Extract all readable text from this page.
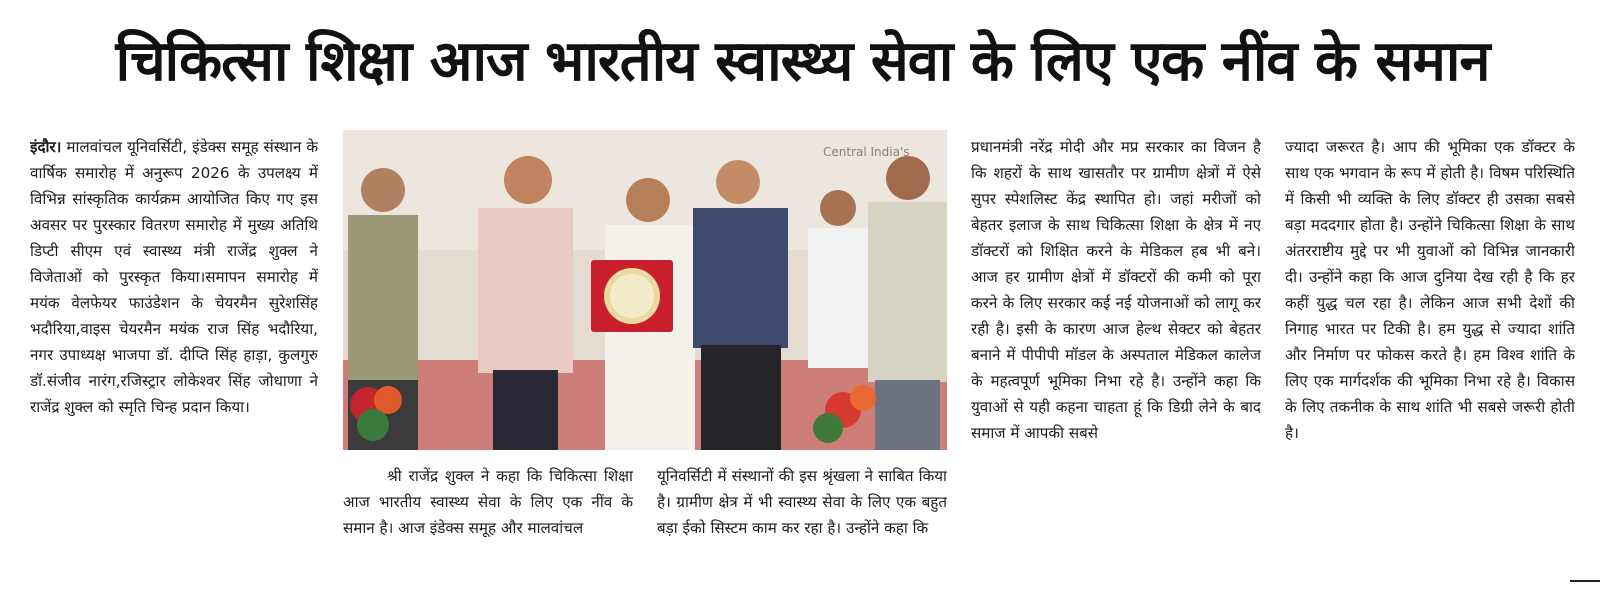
चिकित्सा शिक्षा आज भारतीय स्वास्थ्य सेवा के लिए एक नींव के समान

इंदौर। मालवांचल यूनिवर्सिटी, इंडेक्स समूह संस्थान के वार्षिक समारोह में अनुरूप 2026 के उपलक्ष्य में विभिन्न सांस्कृतिक कार्यक्रम आयोजित किए गए इस अवसर पर पुरस्कार वितरण समारोह में मुख्य अतिथि डिप्टी सीएम एवं स्वास्थ्य मंत्री राजेंद्र शुक्ल ने विजेताओं को पुरस्कृत किया।समापन समारोह में मयंक वेलफेयर फाउंडेशन के चेयरमैन सुरेशसिंह भदौरिया,वाइस चेयरमैन मयंक राज सिंह भदौरिया, नगर उपाध्यक्ष भाजपा डॉ. दीप्ति सिंह हाड़ा, कुलगुरु डॉ.संजीव नारंग,रजिस्ट्रार लोकेश्वर सिंह जोधाणा ने राजेंद्र शुक्ल को स्मृति चिन्ह प्रदान किया।

Central India's

श्री राजेंद्र शुक्ल ने कहा कि चिकित्सा शिक्षा आज भारतीय स्वास्थ्य सेवा के लिए एक नींव के समान है। आज इंडेक्स समूह और मालवांचल

यूनिवर्सिटी में संस्थानों की इस श्रृंखला ने साबित किया है। ग्रामीण क्षेत्र में भी स्वास्थ्य सेवा के लिए एक बहुत बड़ा ईको सिस्टम काम कर रहा है। उन्होंने कहा कि

प्रधानमंत्री नरेंद्र मोदी और मप्र सरकार का विजन है कि शहरों के साथ खासतौर पर ग्रामीण क्षेत्रों में ऐसे सुपर स्पेशलिस्ट केंद्र स्थापित हो। जहां मरीजों को बेहतर इलाज के साथ चिकित्सा शिक्षा के क्षेत्र में नए डॉक्टरों को शिक्षित करने के मेडिकल हब भी बने। आज हर ग्रामीण क्षेत्रों में डॉक्टरों की कमी को पूरा करने के लिए सरकार कई नई योजनाओं को लागू कर रही है। इसी के कारण आज हेल्थ सेक्टर को बेहतर बनाने में पीपीपी मॉडल के अस्पताल मेडिकल कालेज के महत्वपूर्ण भूमिका निभा रहे है। उन्होंने कहा कि युवाओं से यही कहना चाहता हूं कि डिग्री लेने के बाद समाज में आपकी सबसे

ज्यादा जरूरत है। आप की भूमिका एक डॉक्टर के साथ एक भगवान के रूप में होती है। विषम परिस्थिति में किसी भी व्यक्ति के लिए डॉक्टर ही उसका सबसे बड़ा मददगार होता है। उन्होंने चिकित्सा शिक्षा के साथ अंतरराष्टीय मुद्दे पर भी युवाओं को विभिन्न जानकारी दी। उन्होंने कहा कि आज दुनिया देख रही है कि हर कहीं युद्ध चल रहा है। लेकिन आज सभी देशों की निगाह भारत पर टिकी है। हम युद्ध से ज्यादा शांति और निर्माण पर फोकस करते है। हम विश्व शांति के लिए एक मार्गदर्शक की भूमिका निभा रहे है। विकास के लिए तकनीक के साथ शांति भी सबसे जरूरी होती है।
